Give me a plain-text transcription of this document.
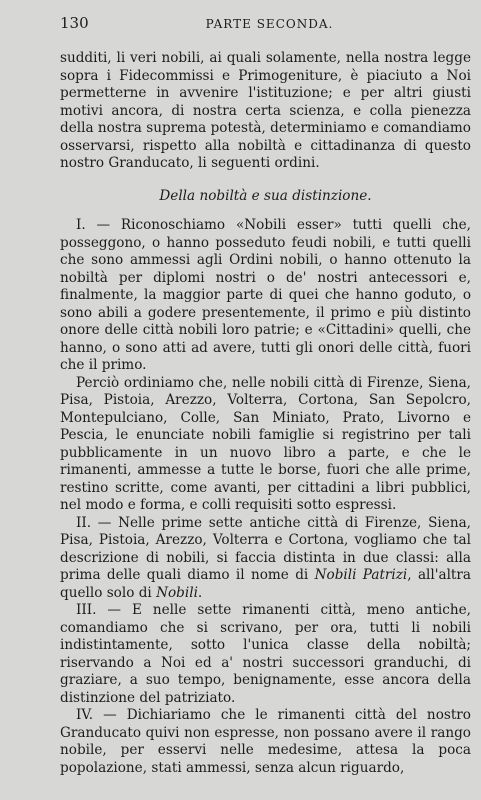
130	PARTE SECONDA.

sudditi, li veri nobili, ai quali solamente, nella nostra legge sopra i Fidecommissi e Primogeniture, è piaciuto a Noi permetterne in avvenire l'istituzione; e per altri giusti motivi ancora, di nostra certa scienza, e colla pienezza della nostra suprema potestà, determiniamo e comandiamo osservarsi, rispetto alla nobiltà e cittadinanza di questo nostro Granducato, li seguenti ordini.

Della nobiltà e sua distinzione.

I. — Riconoschiamo «Nobili esser» tutti quelli che, posseggono, o hanno posseduto feudi nobili, e tutti quelli che sono ammessi agli Ordini nobili, o hanno ottenuto la nobiltà per diplomi nostri o de' nostri antecessori e, finalmente, la maggior parte di quei che hanno goduto, o sono abili a godere presentemente, il primo e più distinto onore delle città nobili loro patrie; e «Cittadini» quelli, che hanno, o sono atti ad avere, tutti gli onori delle città, fuori che il primo.

Perciò ordiniamo che, nelle nobili città di Firenze, Siena, Pisa, Pistoia, Arezzo, Volterra, Cortona, San Sepolcro, Montepulciano, Colle, San Miniato, Prato, Livorno e Pescia, le enunciate nobili famiglie si registrino per tali pubblicamente in un nuovo libro a parte, e che le rimanenti, ammesse a tutte le borse, fuori che alle prime, restino scritte, come avanti, per cittadini a libri pubblici, nel modo e forma, e colli requisiti sotto espressi.

II. — Nelle prime sette antiche città di Firenze, Siena, Pisa, Pistoia, Arezzo, Volterra e Cortona, vogliamo che tal descrizione di nobili, si faccia distinta in due classi: alla prima delle quali diamo il nome di Nobili Patrizi, all'altra quello solo di Nobili.

III. — E nelle sette rimanenti città, meno antiche, comandiamo che si scrivano, per ora, tutti li nobili indistintamente, sotto l'unica classe della nobiltà; riservando a Noi ed a' nostri successori granduchi, di graziare, a suo tempo, benignamente, esse ancora della distinzione del patriziato.

IV. — Dichiariamo che le rimanenti città del nostro Granducato quivi non espresse, non possano avere il rango nobile, per esservi nelle medesime, attesa la poca popolazione, stati ammessi, senza alcun riguardo,
